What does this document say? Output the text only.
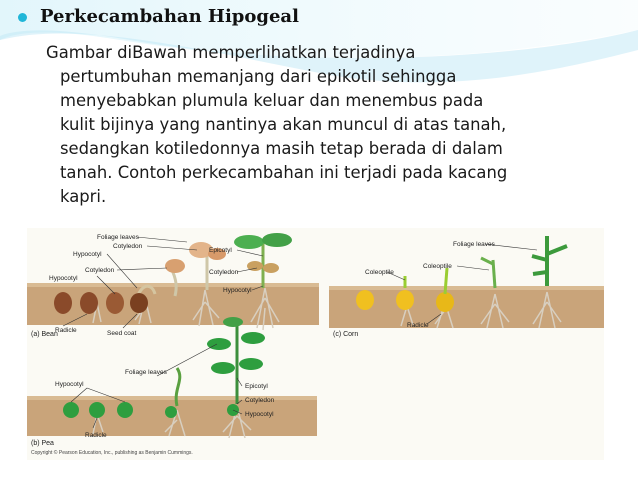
Perkecambahan Hipogeal
Gambar diBawah memperlihatkan terjadinya
pertumbuhan memanjang dari epikotil sehingga
menyebabkan plumula keluar dan menembus pada
kulit bijinya yang nantinya akan muncul di atas tanah,
sedangkan kotiledonnya masih tetap berada di dalam
tanah. Contoh perkecambahan ini terjadi pada kacang
kapri.
Foliage leaves
Cotyledon
Epicotyl
Hypocotyl
Cotyledon	Cotyledon
Hypocotyl
Hypocotyl
Radicle	Seed coat
(a) Bean
Foliage leaves
Coleoptile
Coleoptile
Radicle
(c) Corn
Foliage leaves
Hypocotyl	Epicotyl
Cotyledon
Hypocotyl
Radicle
(b) Pea
Copyright © Pearson Education, Inc., publishing as Benjamin Cummings.
